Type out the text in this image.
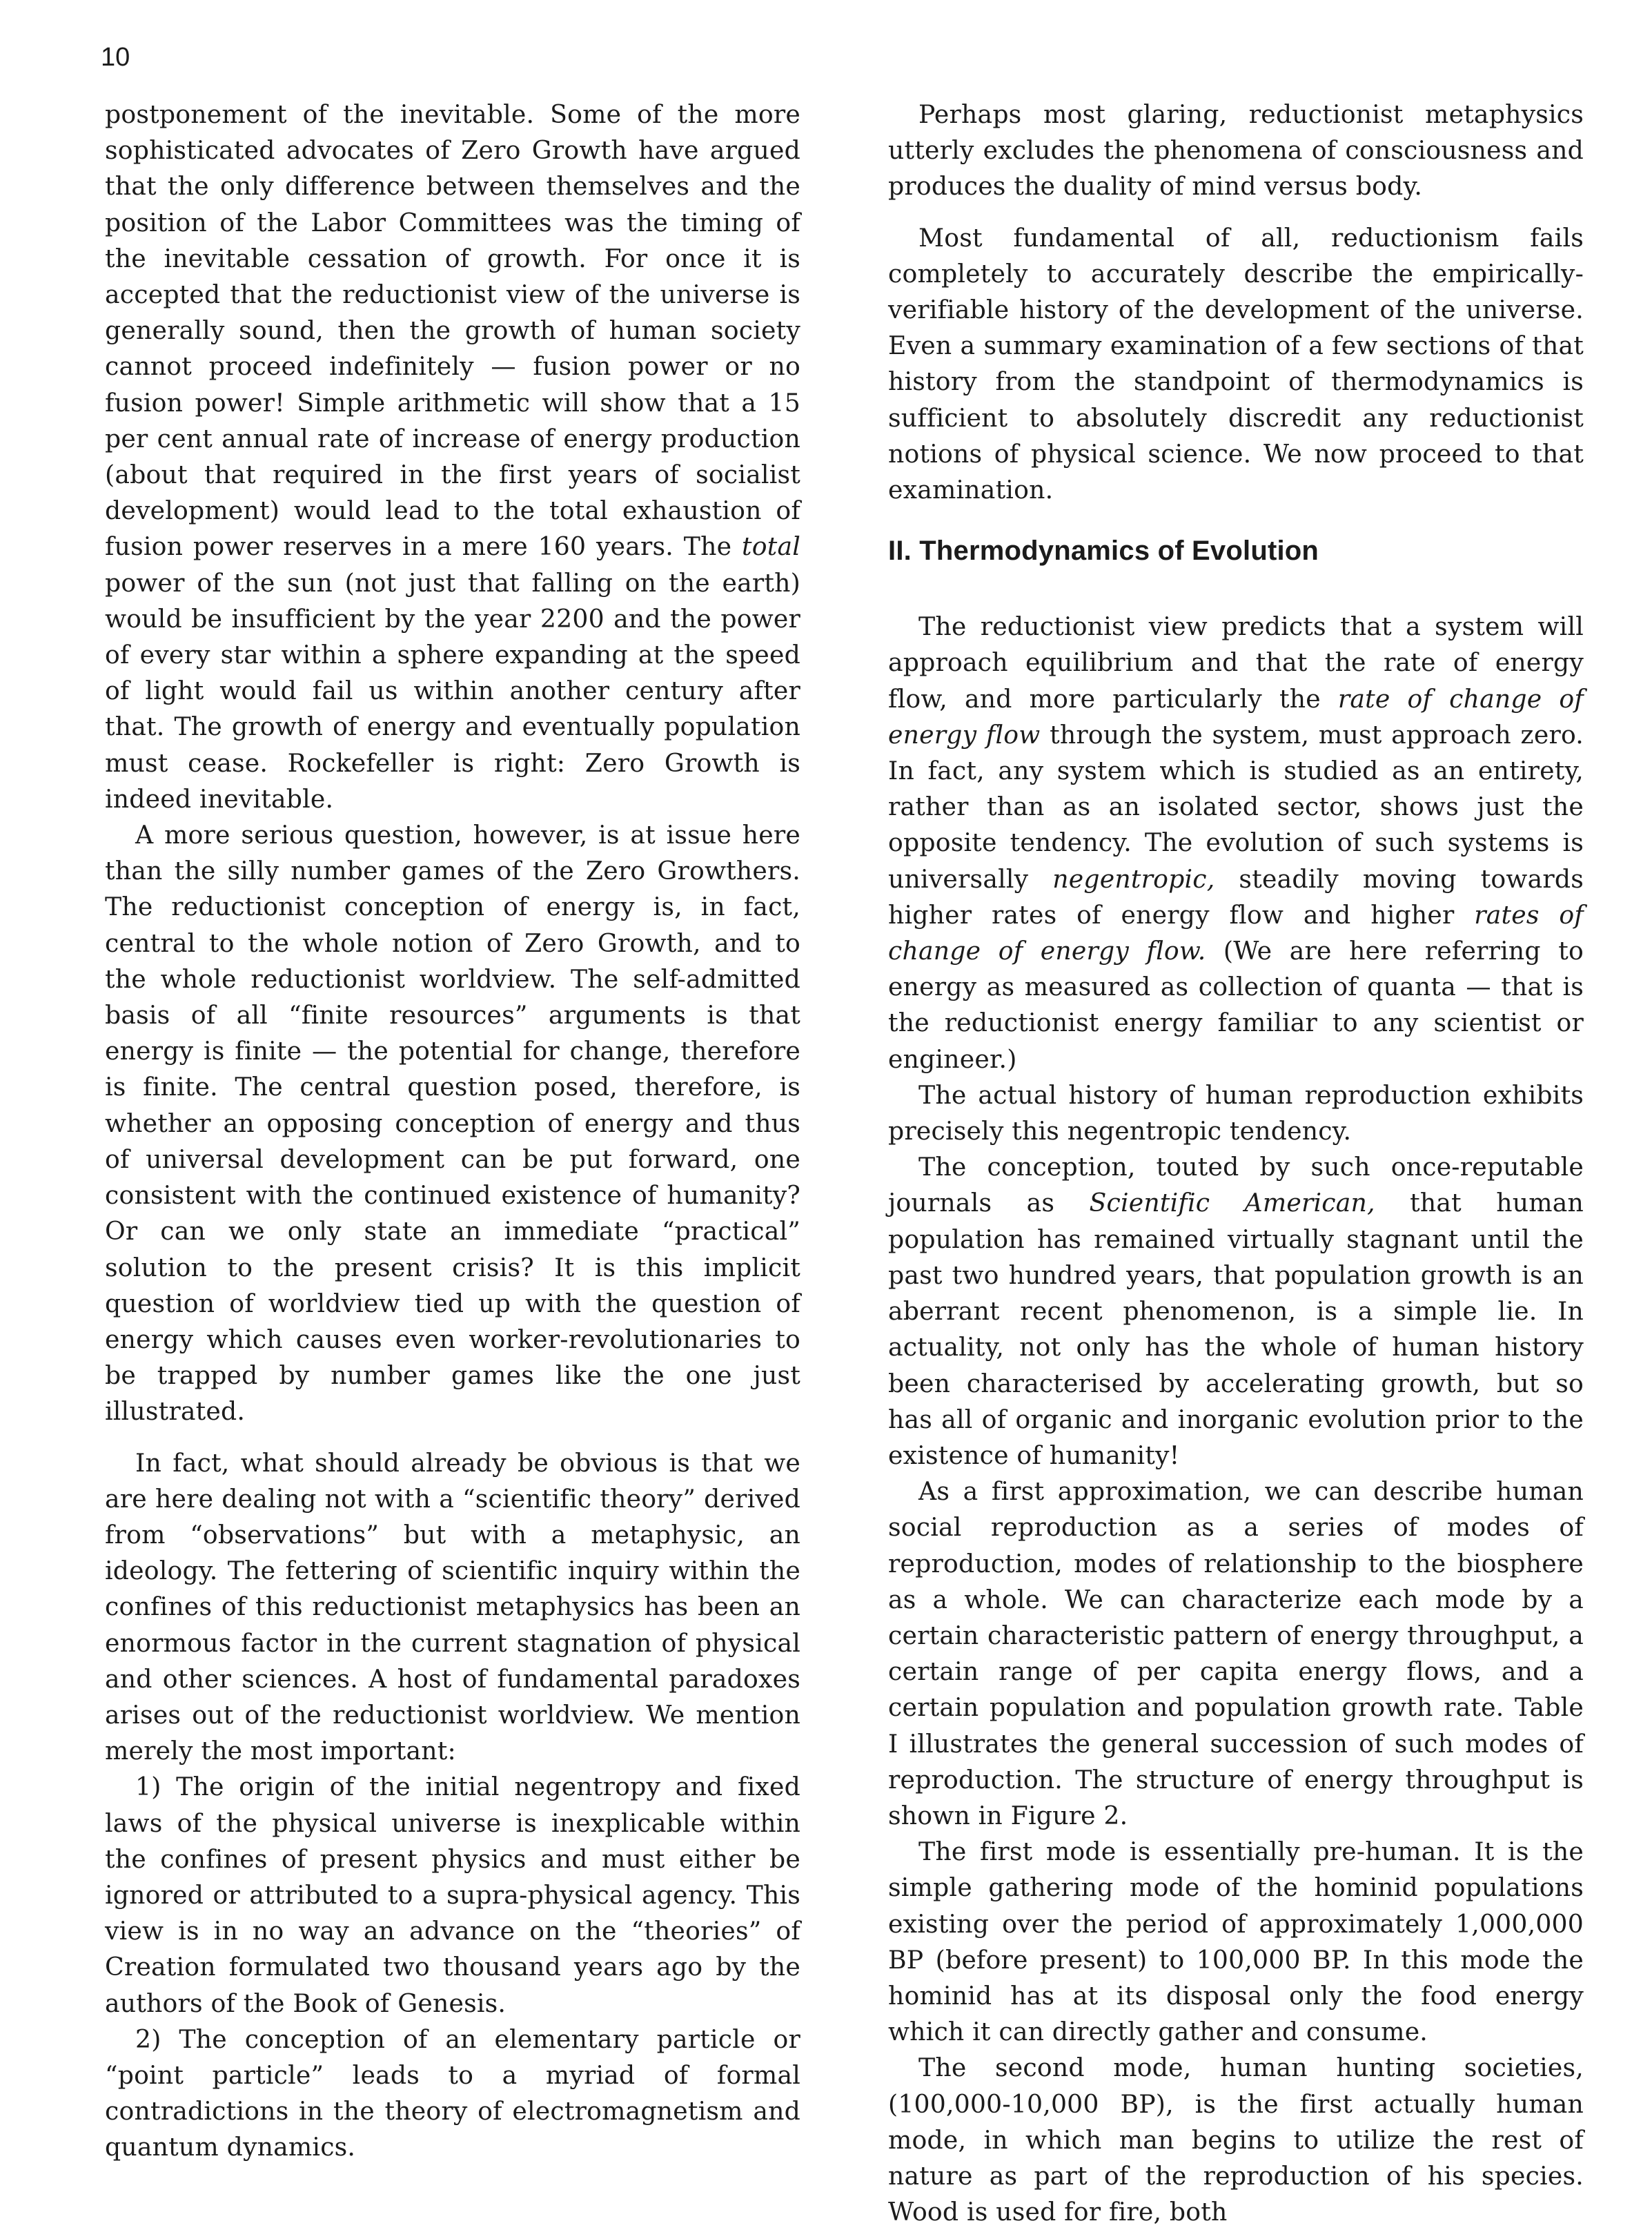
10

postponement of the inevitable. Some of the more sophisticated advocates of Zero Growth have argued that the only difference between themselves and the position of the Labor Committees was the timing of the inevitable cessation of growth. For once it is accepted that the reductionist view of the universe is generally sound, then the growth of human society cannot proceed indefinitely — fusion power or no fusion power! Simple arithmetic will show that a 15 per cent annual rate of increase of energy production (about that required in the first years of socialist development) would lead to the total exhaustion of fusion power reserves in a mere 160 years. The total power of the sun (not just that falling on the earth) would be insufficient by the year 2200 and the power of every star within a sphere expanding at the speed of light would fail us within another century after that. The growth of energy and eventually population must cease. Rockefeller is right: Zero Growth is indeed inevitable.

A more serious question, however, is at issue here than the silly number games of the Zero Growthers. The reductionist conception of energy is, in fact, central to the whole notion of Zero Growth, and to the whole reductionist worldview. The self-admitted basis of all “finite resources” arguments is that energy is finite — the potential for change, therefore is finite. The central question posed, therefore, is whether an opposing conception of energy and thus of universal development can be put forward, one consistent with the continued existence of humanity? Or can we only state an immediate “practical” solution to the present crisis? It is this implicit question of worldview tied up with the question of energy which causes even worker-revolutionaries to be trapped by number games like the one just illustrated.

In fact, what should already be obvious is that we are here dealing not with a “scientific theory” derived from “observations” but with a metaphysic, an ideology. The fettering of scientific inquiry within the confines of this reductionist metaphysics has been an enormous factor in the current stagnation of physical and other sciences. A host of fundamental paradoxes arises out of the reductionist worldview. We mention merely the most important:

1) The origin of the initial negentropy and fixed laws of the physical universe is inexplicable within the confines of present physics and must either be ignored or attributed to a supra-physical agency. This view is in no way an advance on the “theories” of Creation formulated two thousand years ago by the authors of the Book of Genesis.

2) The conception of an elementary particle or “point particle” leads to a myriad of formal contradictions in the theory of electromagnetism and quantum dynamics.

Perhaps most glaring, reductionist metaphysics utterly excludes the phenomena of consciousness and produces the duality of mind versus body.

Most fundamental of all, reductionism fails completely to accurately describe the empirically-verifiable history of the development of the universe. Even a summary examination of a few sections of that history from the standpoint of thermodynamics is sufficient to absolutely discredit any reductionist notions of physical science. We now proceed to that examination.

II. Thermodynamics of Evolution

The reductionist view predicts that a system will approach equilibrium and that the rate of energy flow, and more particularly the rate of change of energy flow through the system, must approach zero. In fact, any system which is studied as an entirety, rather than as an isolated sector, shows just the opposite tendency. The evolution of such systems is universally negentropic, steadily moving towards higher rates of energy flow and higher rates of change of energy flow. (We are here referring to energy as measured as collection of quanta — that is the reductionist energy familiar to any scientist or engineer.)

The actual history of human reproduction exhibits precisely this negentropic tendency.

The conception, touted by such once-reputable journals as Scientific American, that human population has remained virtually stagnant until the past two hundred years, that population growth is an aberrant recent phenomenon, is a simple lie. In actuality, not only has the whole of human history been characterised by accelerating growth, but so has all of organic and inorganic evolution prior to the existence of humanity!

As a first approximation, we can describe human social reproduction as a series of modes of reproduction, modes of relationship to the biosphere as a whole. We can characterize each mode by a certain characteristic pattern of energy throughput, a certain range of per capita energy flows, and a certain population and population growth rate. Table I illustrates the general succession of such modes of reproduction. The structure of energy throughput is shown in Figure 2.

The first mode is essentially pre-human. It is the simple gathering mode of the hominid populations existing over the period of approximately 1,000,000 BP (before present) to 100,000 BP. In this mode the hominid has at its disposal only the food energy which it can directly gather and consume.

The second mode, human hunting societies, (100,000-10,000 BP), is the first actually human mode, in which man begins to utilize the rest of nature as part of the reproduction of his species. Wood is used for fire, both
